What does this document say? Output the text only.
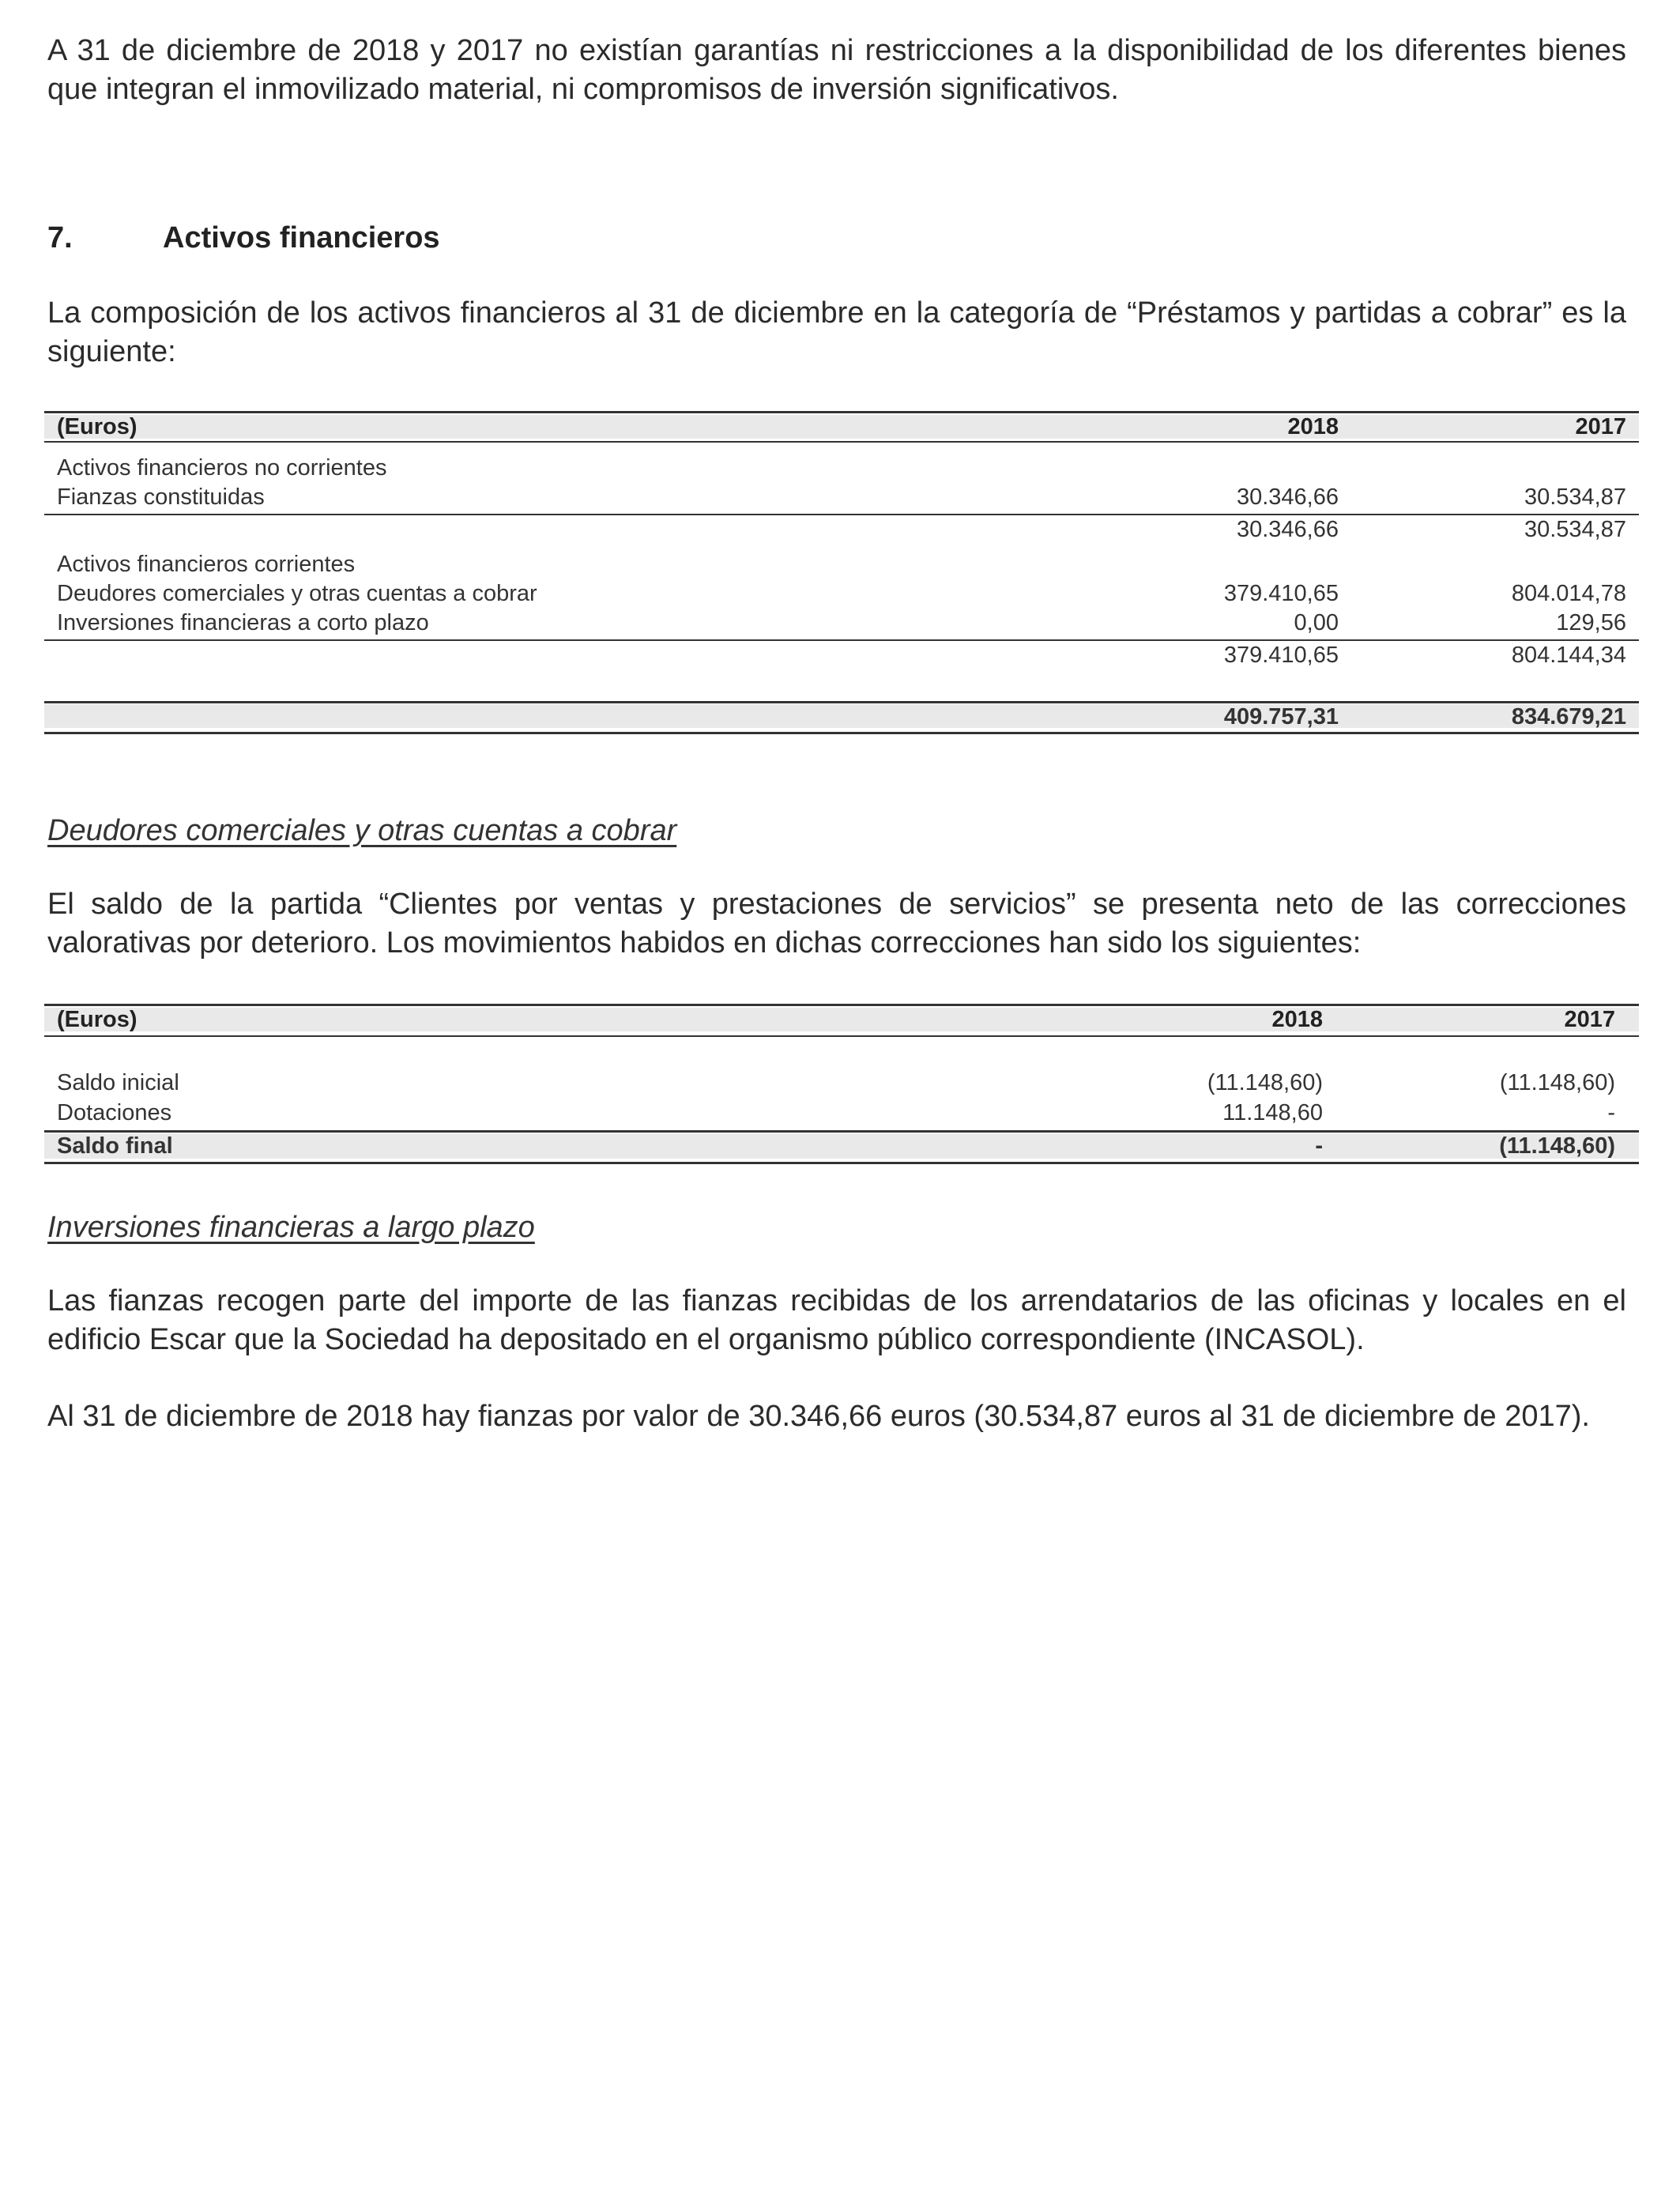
A 31 de diciembre de 2018 y 2017 no existían garantías ni restricciones a la disponibilidad de los diferentes bienes que integran el inmovilizado material, ni compromisos de inversión significativos.

7.	Activos financieros

La composición de los activos financieros al 31 de diciembre en la categoría de “Préstamos y partidas a cobrar” es la siguiente:

(Euros)	2018	2017
Activos financieros no corrientes
Fianzas constituidas	30.346,66	30.534,87
30.346,66	30.534,87
Activos financieros corrientes
Deudores comerciales y otras cuentas a cobrar	379.410,65	804.014,78
Inversiones financieras a corto plazo	0,00	129,56
379.410,65	804.144,34
409.757,31	834.679,21
Deudores comerciales y otras cuentas a cobrar

El saldo de la partida “Clientes por ventas y prestaciones de servicios” se presenta neto de las correcciones valorativas por deterioro. Los movimientos habidos en dichas correcciones han sido los siguientes:

(Euros)	2018	2017
Saldo inicial	(11.148,60)	(11.148,60)
Dotaciones	11.148,60	-
Saldo final	-	(11.148,60)
Inversiones financieras a largo plazo

Las fianzas recogen parte del importe de las fianzas recibidas de los arrendatarios de las oficinas y locales en el edificio Escar que la Sociedad ha depositado en el organismo público correspondiente (INCASOL).

Al 31 de diciembre de 2018 hay fianzas por valor de 30.346,66 euros (30.534,87 euros al 31 de diciembre de 2017).
